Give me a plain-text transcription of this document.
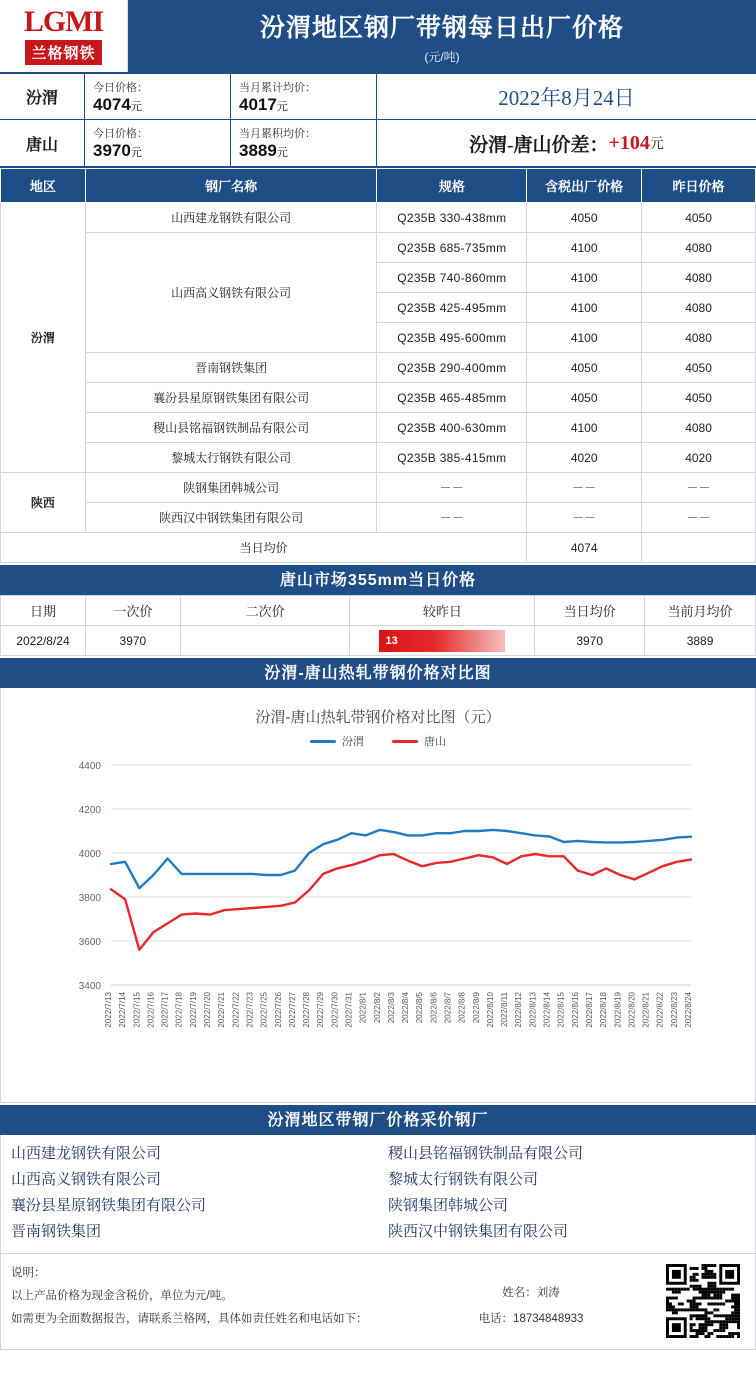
LGMI
兰格钢铁
汾渭地区钢厂带钢每日出厂价格
(元/吨)
汾渭
今日价格：
4074元
当月累计均价：
4017元
唐山
今日价格：
3970元
当月累积均价：
3889元
2022年8月24日
汾渭-唐山价差： +104 元
地区	钢厂名称	规格	含税出厂价格	昨日价格
汾渭	山西建龙钢铁有限公司	Q235B 330-438mm	4050	4050
	山西高义钢铁有限公司	Q235B 685-735mm	4100	4080
		Q235B 740-860mm	4100	4080
		Q235B 425-495mm	4100	4080
		Q235B 495-600mm	4100	4080
	晋南钢铁集团	Q235B 290-400mm	4050	4050
	襄汾县星原钢铁集团有限公司	Q235B 465-485mm	4050	4050
	稷山县铭福钢铁制品有限公司	Q235B 400-630mm	4100	4080
	黎城太行钢铁有限公司	Q235B 385-415mm	4020	4020
陕西	陕钢集团韩城公司	－－	－－	－－
	陕西汉中钢铁集团有限公司	－－	－－	－－
当日均价			4074	
唐山市场355mm当日价格
日期	一次价	二次价	较昨日	当日均价	当前月均价
2022/8/24	3970		13	3970	3889
汾渭-唐山热轧带钢价格对比图
汾渭-唐山热轧带钢价格对比图（元）
汾渭	唐山
3400
3600
3800
4000
4200
4400
2022/7/13 2022/7/14 2022/7/15 2022/7/16 2022/7/17 2022/7/18 2022/7/19 2022/7/20 2022/7/21 2022/7/22 2022/7/23 2022/7/25 2022/7/26 2022/7/27 2022/7/28 2022/7/29 2022/7/30 2022/7/31 2022/8/1 2022/8/2 2022/8/3 2022/8/4 2022/8/5 2022/8/6 2022/8/7 2022/8/8 2022/8/9 2022/8/10 2022/8/11 2022/8/12 2022/8/13 2022/8/14 2022/8/15 2022/8/16 2022/8/17 2022/8/18 2022/8/19 2022/8/20 2022/8/21 2022/8/22 2022/8/23 2022/8/24
汾渭地区带钢厂价格采价钢厂
山西建龙钢铁有限公司
山西高义钢铁有限公司
襄汾县星原钢铁集团有限公司
晋南钢铁集团
稷山县铭福钢铁制品有限公司
黎城太行钢铁有限公司
陕钢集团韩城公司
陕西汉中钢铁集团有限公司
说明：
以上产品价格为现金含税价，单位为元/吨。
如需更为全面数据报告，请联系兰格网，具体如责任姓名和电话如下：
姓名：刘涛
电话：18734848933
